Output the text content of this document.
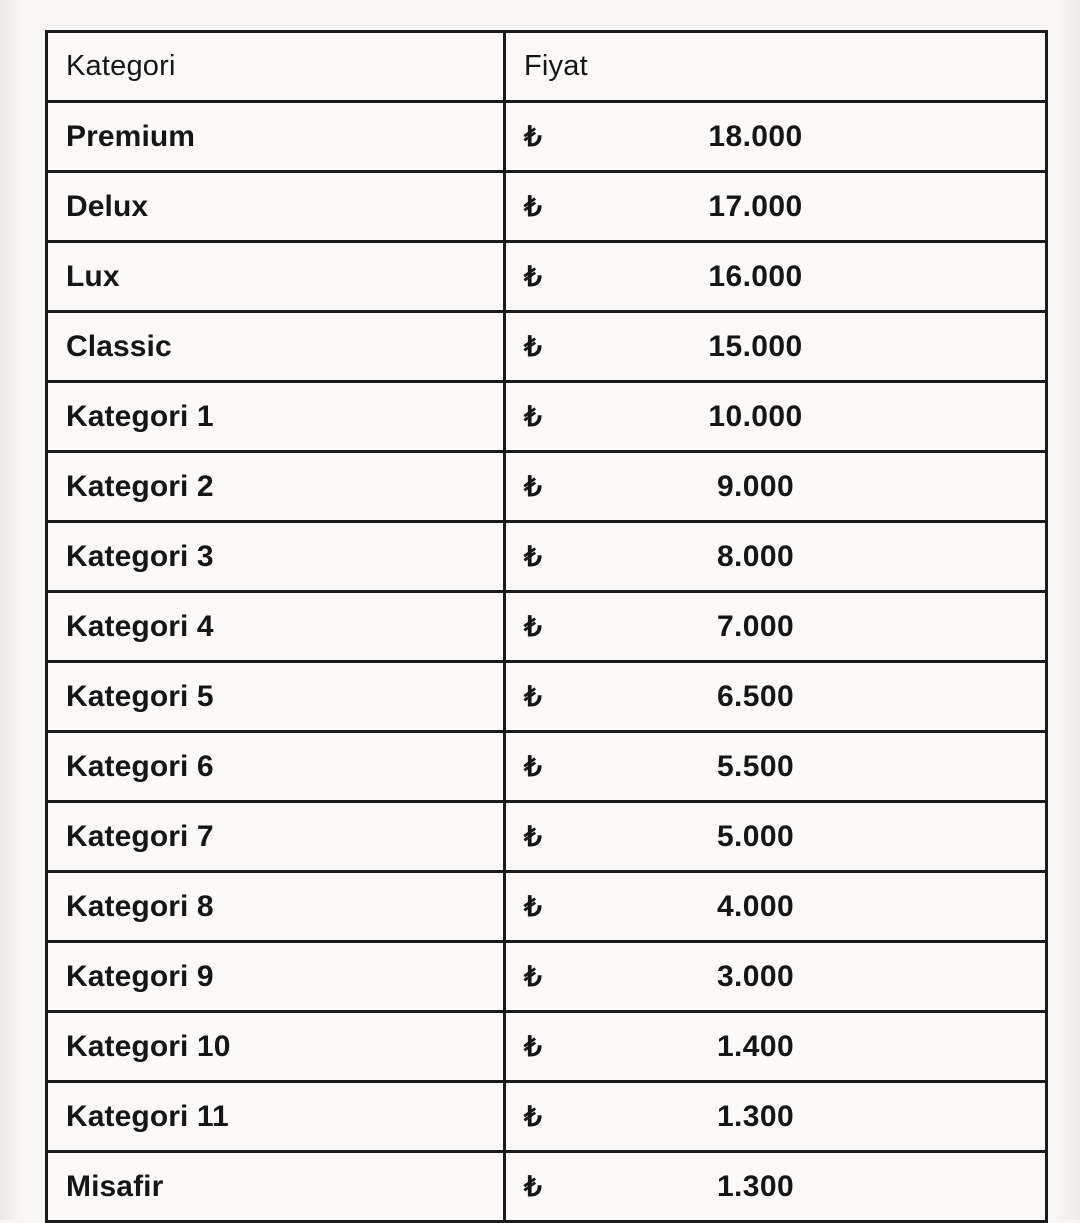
Kategori	Fiyat
Premium	₺ 18.000

Delux	₺ 17.000

Lux	₺ 16.000

Classic	₺ 15.000

Kategori 1	₺ 10.000

Kategori 2	₺ 9.000

Kategori 3	₺ 8.000

Kategori 4	₺ 7.000

Kategori 5	₺ 6.500

Kategori 6	₺ 5.500

Kategori 7	₺ 5.000

Kategori 8	₺ 4.000

Kategori 9	₺ 3.000

Kategori 10	₺ 1.400

Kategori 11	₺ 1.300

Misafir	₺ 1.300
